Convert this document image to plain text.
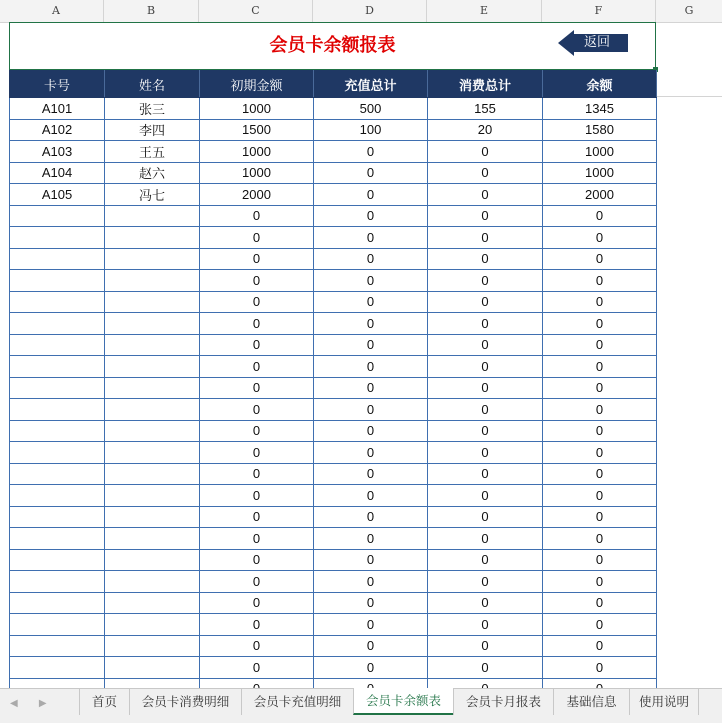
A	B	C	D	E	F	G
会员卡余额报表	返回
卡号	姓名	初期金额	充值总计	消费总计	余额
A101	张三	1000	500	155	1345
A102	李四	1500	100	20	1580
A103	王五	1000	0	0	1000
A104	赵六	1000	0	0	1000
A105	冯七	2000	0	0	2000
		0	0	0	0
		0	0	0	0
		0	0	0	0
		0	0	0	0
		0	0	0	0
		0	0	0	0
		0	0	0	0
		0	0	0	0
		0	0	0	0
		0	0	0	0
		0	0	0	0
		0	0	0	0
		0	0	0	0
		0	0	0	0
		0	0	0	0
		0	0	0	0
		0	0	0	0
		0	0	0	0
		0	0	0	0
		0	0	0	0
		0	0	0	0
		0	0	0	0

◀ ▶	首页	会员卡消费明细	会员卡充值明细	会员卡余额表	会员卡月报表	基础信息	使用说明
